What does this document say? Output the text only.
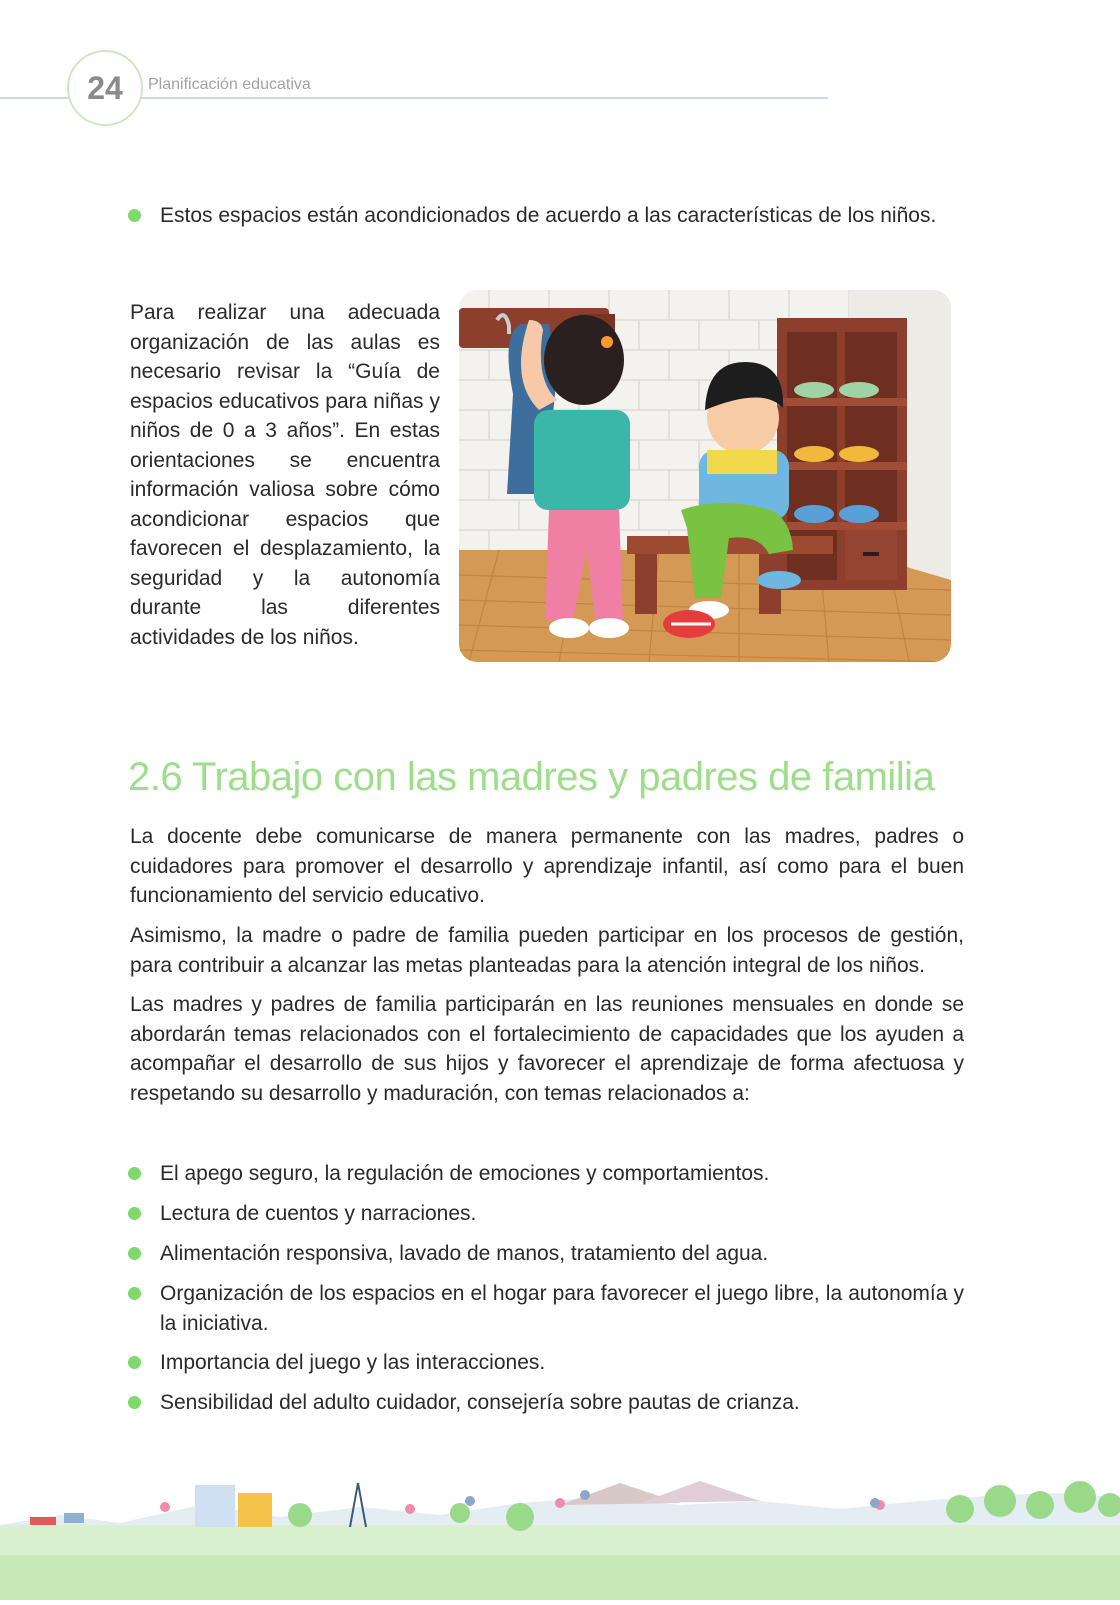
24	Planificación educativa
Estos espacios están acondicionados de acuerdo a las características de los niños.

Para realizar una adecuada organización de las aulas es necesario revisar la “Guía de espacios educativos para niñas y niños de 0 a 3 años”. En estas orientaciones se encuentra información valiosa sobre cómo acondicionar espacios que favorecen el desplazamiento, la seguridad y la autonomía durante las diferentes actividades de los niños.

2.6 Trabajo con las madres y padres de familia

La docente debe comunicarse de manera permanente con las madres, padres o cuidadores para promover el desarrollo y aprendizaje infantil, así como para el buen funcionamiento del servicio educativo.

Asimismo, la madre o padre de familia pueden participar en los procesos de gestión, para contribuir a alcanzar las metas planteadas para la atención integral de los niños.

Las madres y padres de familia participarán en las reuniones mensuales en donde se abordarán temas relacionados con el fortalecimiento de capacidades que los ayuden a acompañar el desarrollo de sus hijos y favorecer el aprendizaje de forma afectuosa y respetando su desarrollo y maduración, con temas relacionados a:

El apego seguro, la regulación de emociones y comportamientos.
Lectura de cuentos y narraciones.
Alimentación responsiva, lavado de manos, tratamiento del agua.
Organización de los espacios en el hogar para favorecer el juego libre, la autonomía y la iniciativa.
Importancia del juego y las interacciones.
Sensibilidad del adulto cuidador, consejería sobre pautas de crianza.
